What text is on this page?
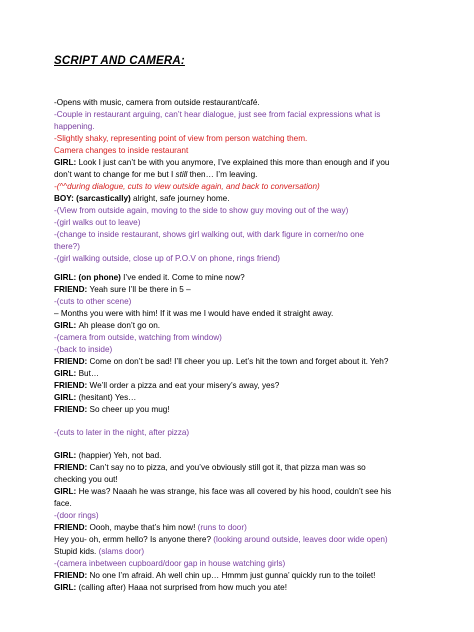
SCRIPT AND CAMERA:
-Opens with music, camera from outside restaurant/café.
-Couple in restaurant arguing, can’t hear dialogue, just see from facial expressions what is
happening.
-Slightly shaky, representing point of view from person watching them.
Camera changes to inside restaurant
GIRL: Look I just can’t be with you anymore, I’ve explained this more than enough and if you
don’t want to change for me but I still then… I’m leaving.
-(^^during dialogue, cuts to view outside again, and back to conversation)
BOY: (sarcastically) alright, safe journey home.
-(View from outside again, moving to the side to show guy moving out of the way)
-(girl walks out to leave)
-(change to inside restaurant, shows girl walking out, with dark figure in corner/no one
there?)
-(girl walking outside, close up of P.O.V on phone, rings friend)
GIRL: (on phone) I’ve ended it. Come to mine now?
FRIEND: Yeah sure I’ll be there in 5 –
-(cuts to other scene)
– Months you were with him! If it was me I would have ended it straight away.
GIRL: Ah please don’t go on.
-(camera from outside, watching from window)
-(back to inside)
FRIEND: Come on don’t be sad! I’ll cheer you up. Let’s hit the town and forget about it. Yeh?
GIRL: But…
FRIEND: We’ll order a pizza and eat your misery’s away, yes?
GIRL: (hesitant) Yes…
FRIEND: So cheer up you mug!
-(cuts to later in the night, after pizza)
GIRL: (happier) Yeh, not bad.
FRIEND: Can’t say no to pizza, and you’ve obviously still got it, that pizza man was so
checking you out!
GIRL: He was? Naaah he was strange, his face was all covered by his hood, couldn’t see his
face.
-(door rings)
FRIEND: Oooh, maybe that’s him now! (runs to door)
Hey you- oh, ermm hello? Is anyone there? (looking around outside, leaves door wide open)
Stupid kids. (slams door)
-(camera inbetween cupboard/door gap in house watching girls)
FRIEND: No one I’m afraid. Ah well chin up… Hmmm just gunna’ quickly run to the toilet!
GIRL: (calling after) Haaa not surprised from how much you ate!
